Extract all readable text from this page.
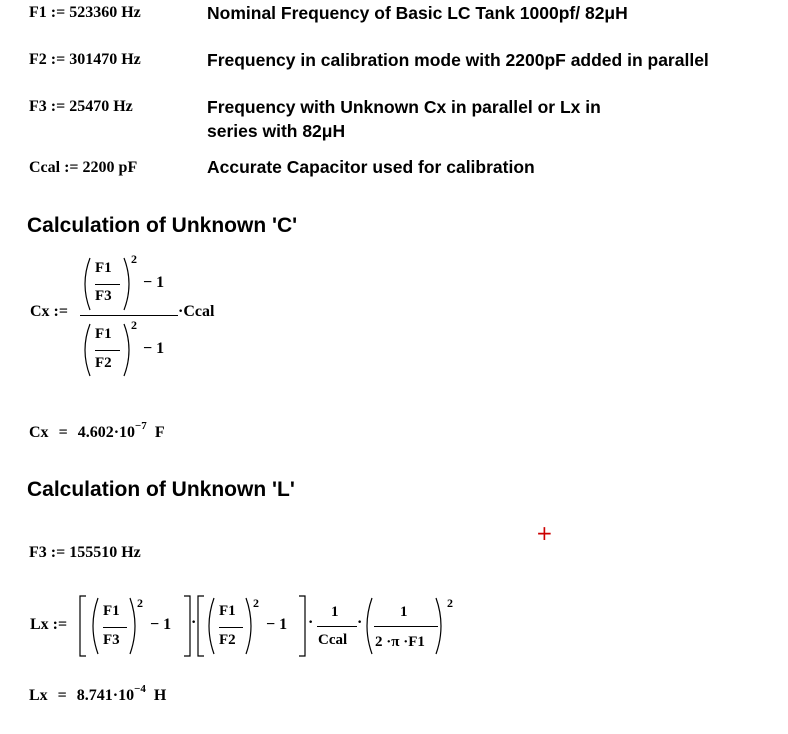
F1 := 523360 Hz	Nominal Frequency of Basic LC Tank 1000pf/ 82μH
F2 := 301470 Hz	Frequency in calibration mode with 2200pF added in parallel
F3 := 25470 Hz	Frequency with Unknown Cx in parallel or Lx in
series with 82μH
Ccal := 2200 pF	Accurate Capacitor used for calibration
Calculation of Unknown 'C'
Cx :=
F1
F3
2
− 1
·Ccal
F1
F2
2
− 1
$Cx = 4.602\cdot 10^{-7}$ F
Calculation of Unknown 'L'
+
F3 := 155510 Hz
Lx :=
F1
F3
2
− 1 ·
F1
F2
2
− 1 ·
1
Ccal
·
1
2 ·π ·F1
2
$Lx = 8.741\cdot 10^{-4}$ H
